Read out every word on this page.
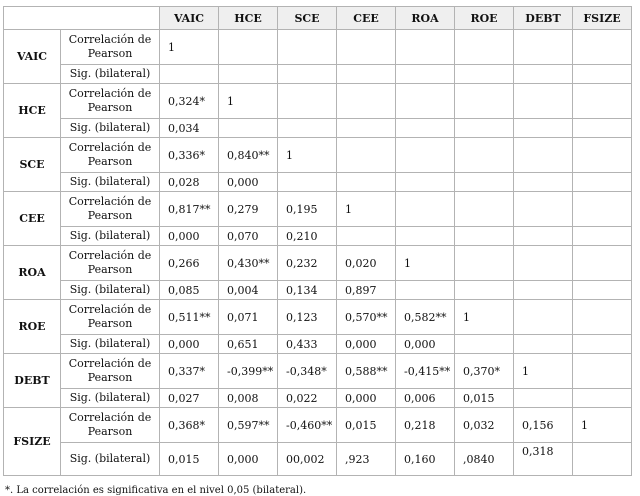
		VAIC	HCE	SCE	CEE	ROA	ROE	DEBT	FSIZE
VAIC	Correlación de Pearson	1							
	Sig. (bilateral)								
HCE	Correlación de Pearson	0,324*	1						
	Sig. (bilateral)	0,034							
SCE	Correlación de Pearson	0,336*	0,840**	1					
	Sig. (bilateral)	0,028	0,000						
CEE	Correlación de Pearson	0,817**	0,279	0,195	1				
	Sig. (bilateral)	0,000	0,070	0,210					
ROA	Correlación de Pearson	0,266	0,430**	0,232	0,020	1			
	Sig. (bilateral)	0,085	0,004	0,134	0,897				
ROE	Correlación de Pearson	0,511**	0,071	0,123	0,570**	0,582**	1		
	Sig. (bilateral)	0,000	0,651	0,433	0,000	0,000			
DEBT	Correlación de Pearson	0,337*	-0,399**	-0,348*	0,588**	-0,415**	0,370*	1	
	Sig. (bilateral)	0,027	0,008	0,022	0,000	0,006	0,015		
FSIZE	Correlación de Pearson	0,368*	0,597**	-0,460**	0,015	0,218	0,032	0,156	1
	Sig. (bilateral)	0,015	0,000	00,002	,923	0,160	,0840	0,318	
*. La correlación es significativa en el nivel 0,05 (bilateral).
